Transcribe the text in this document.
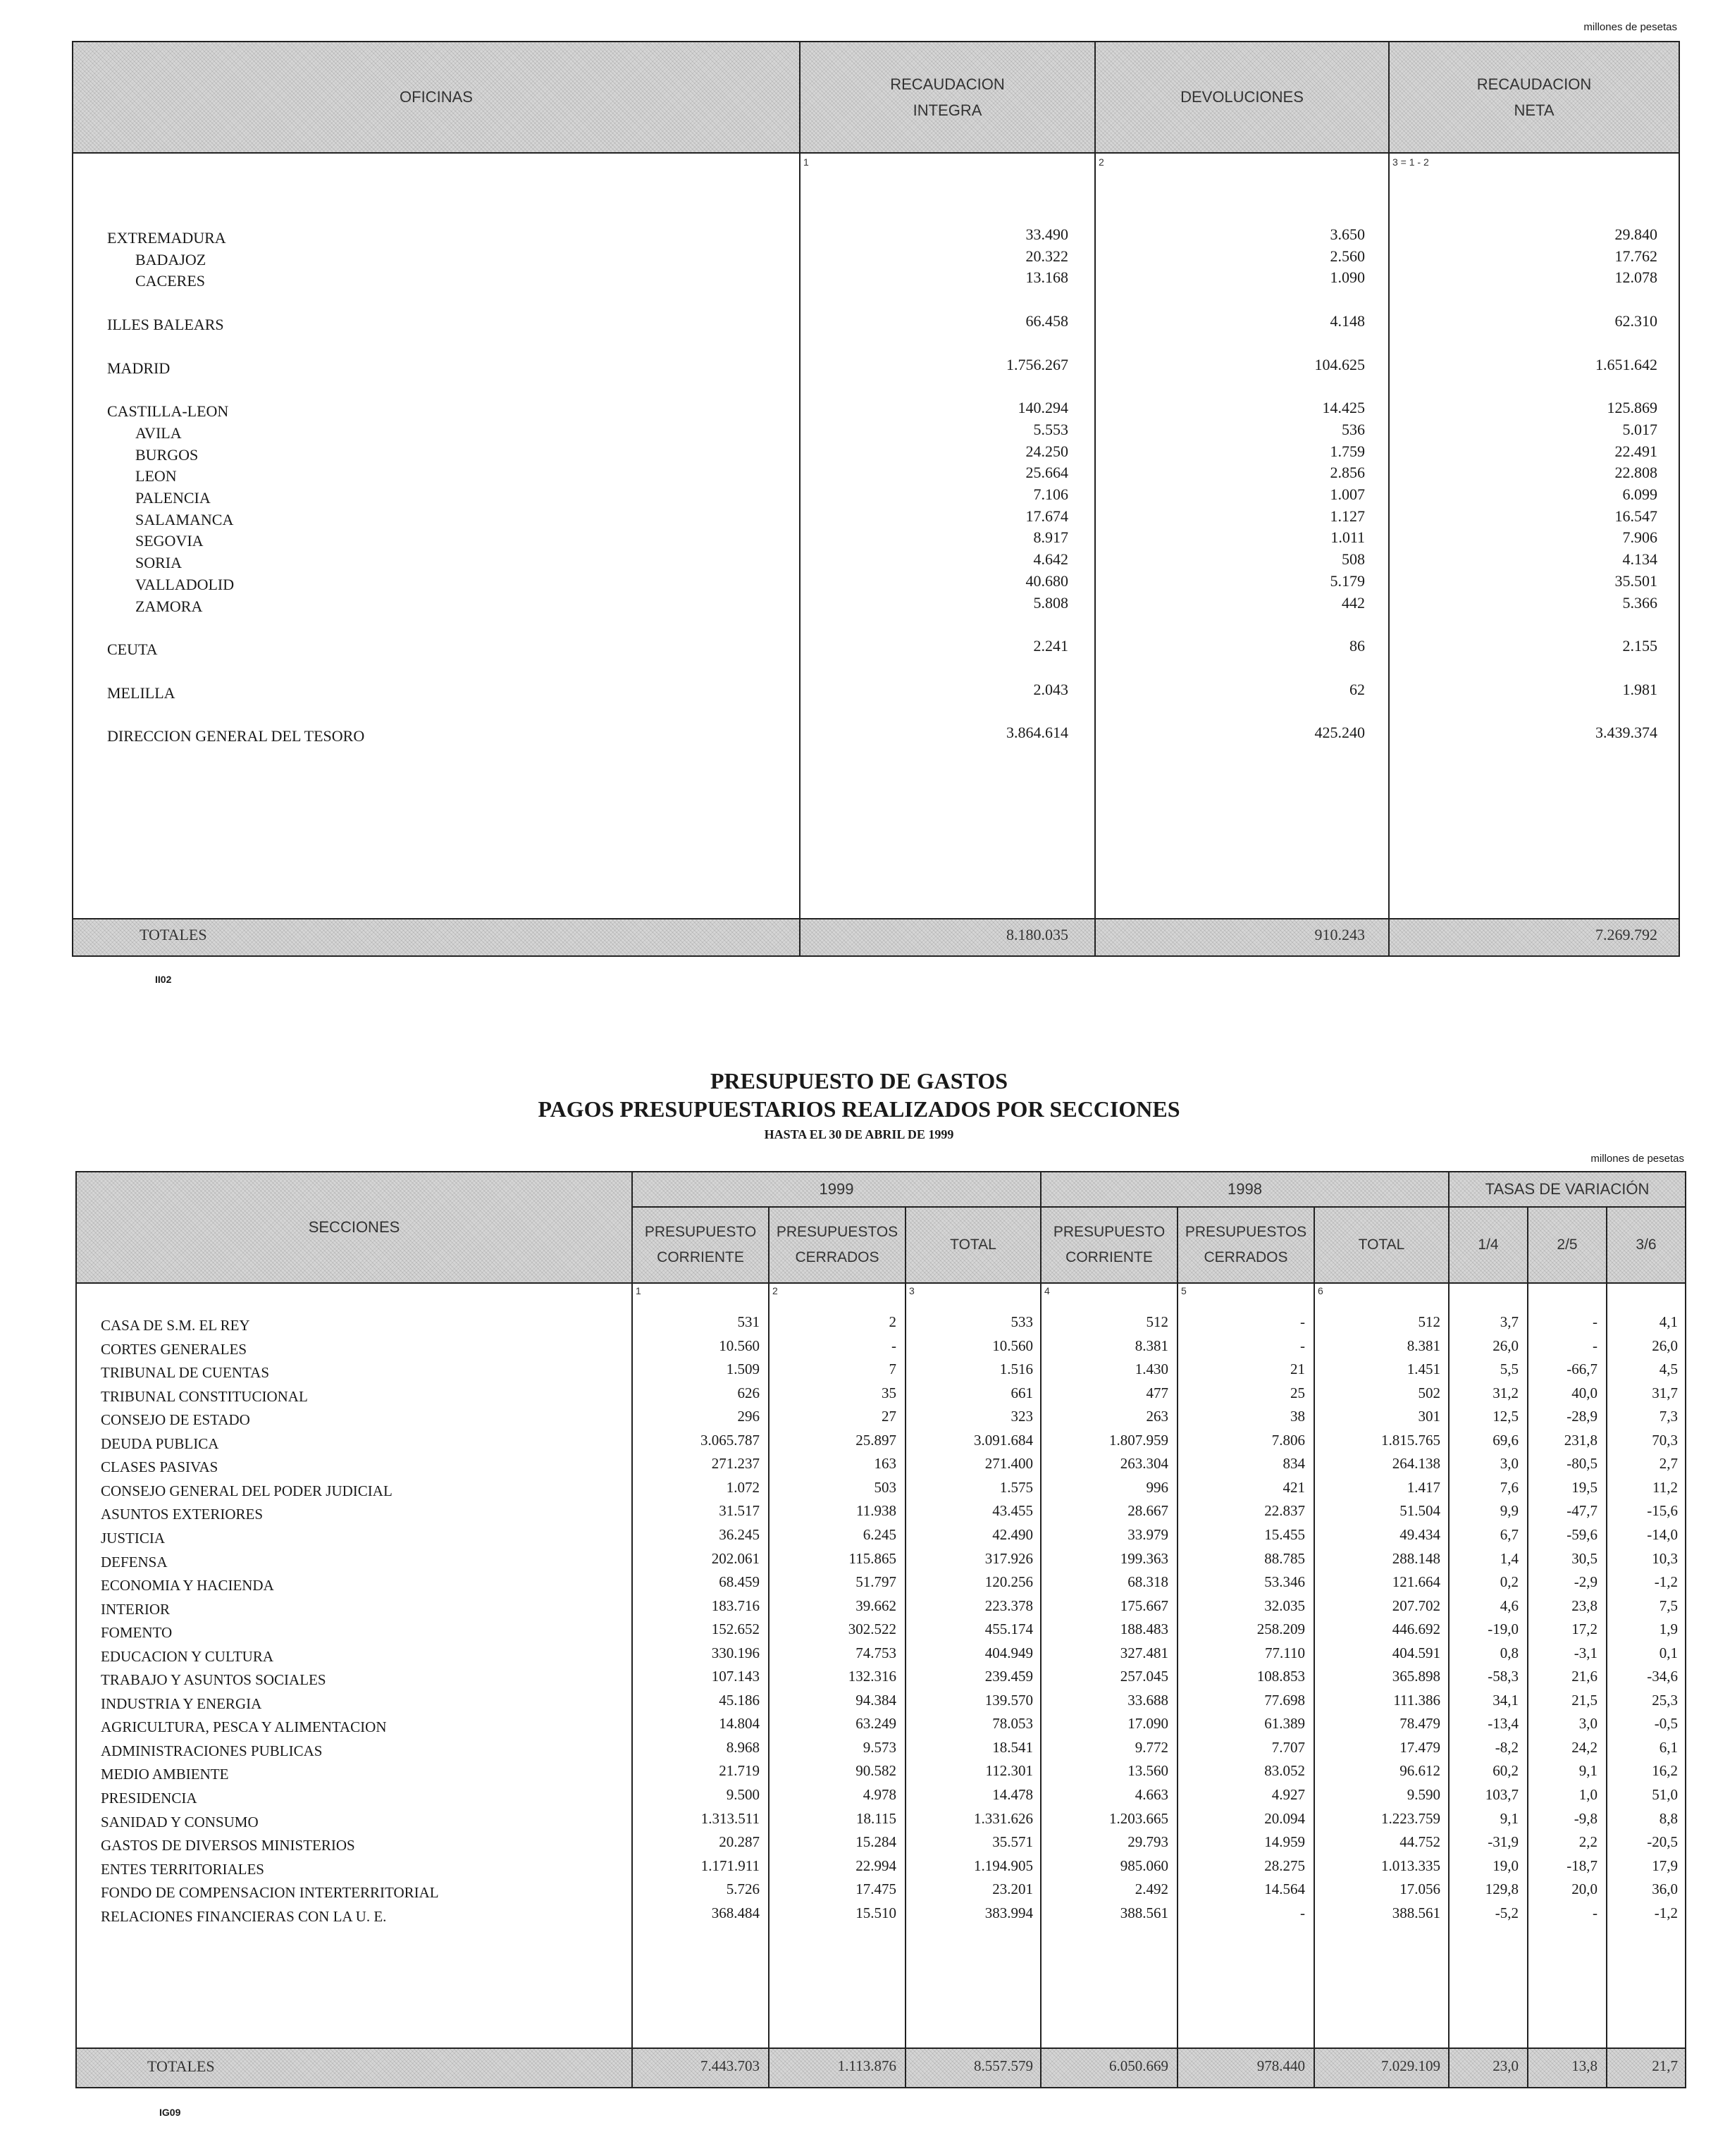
millones de pesetas
OFICINAS
RECAUDACION
INTEGRA
DEVOLUCIONES
RECAUDACION
NETA
1	2	3 = 1 - 2
EXTREMADURA	33.490	3.650	29.840
BADAJOZ	20.322	2.560	17.762
CACERES	13.168	1.090	12.078
ILLES BALEARS	66.458	4.148	62.310
MADRID	1.756.267	104.625	1.651.642
CASTILLA-LEON	140.294	14.425	125.869
AVILA	5.553	536	5.017
BURGOS	24.250	1.759	22.491
LEON	25.664	2.856	22.808
PALENCIA	7.106	1.007	6.099
SALAMANCA	17.674	1.127	16.547
SEGOVIA	8.917	1.011	7.906
SORIA	4.642	508	4.134
VALLADOLID	40.680	5.179	35.501
ZAMORA	5.808	442	5.366
CEUTA	2.241	86	2.155
MELILLA	2.043	62	1.981
DIRECCION GENERAL DEL TESORO	3.864.614	425.240	3.439.374
TOTALES	8.180.035	910.243	7.269.792
II02
PRESUPUESTO DE GASTOS
PAGOS PRESUPUESTARIOS REALIZADOS POR SECCIONES
HASTA EL 30 DE ABRIL DE 1999
millones de pesetas
SECCIONES
1999	1998	TASAS DE VARIACIÓN
PRESUPUESTO
CORRIENTE
PRESUPUESTOS
CERRADOS
TOTAL
PRESUPUESTO
CORRIENTE
PRESUPUESTOS
CERRADOS
TOTAL	1/4	2/5	3/6
1	2	3	4	5	6
CASA DE S.M. EL REY	531	2	533	512	-	512	3,7	-	4,1
CORTES GENERALES	10.560	-	10.560	8.381	-	8.381	26,0	-	26,0
TRIBUNAL DE CUENTAS	1.509	7	1.516	1.430	21	1.451	5,5	-66,7	4,5
TRIBUNAL CONSTITUCIONAL	626	35	661	477	25	502	31,2	40,0	31,7
CONSEJO DE ESTADO	296	27	323	263	38	301	12,5	-28,9	7,3
DEUDA PUBLICA	3.065.787	25.897	3.091.684	1.807.959	7.806	1.815.765	69,6	231,8	70,3
CLASES PASIVAS	271.237	163	271.400	263.304	834	264.138	3,0	-80,5	2,7
CONSEJO GENERAL DEL PODER JUDICIAL	1.072	503	1.575	996	421	1.417	7,6	19,5	11,2
ASUNTOS EXTERIORES	31.517	11.938	43.455	28.667	22.837	51.504	9,9	-47,7	-15,6
JUSTICIA	36.245	6.245	42.490	33.979	15.455	49.434	6,7	-59,6	-14,0
DEFENSA	202.061	115.865	317.926	199.363	88.785	288.148	1,4	30,5	10,3
ECONOMIA Y HACIENDA	68.459	51.797	120.256	68.318	53.346	121.664	0,2	-2,9	-1,2
INTERIOR	183.716	39.662	223.378	175.667	32.035	207.702	4,6	23,8	7,5
FOMENTO	152.652	302.522	455.174	188.483	258.209	446.692	-19,0	17,2	1,9
EDUCACION Y CULTURA	330.196	74.753	404.949	327.481	77.110	404.591	0,8	-3,1	0,1
TRABAJO Y ASUNTOS SOCIALES	107.143	132.316	239.459	257.045	108.853	365.898	-58,3	21,6	-34,6
INDUSTRIA Y ENERGIA	45.186	94.384	139.570	33.688	77.698	111.386	34,1	21,5	25,3
AGRICULTURA, PESCA Y ALIMENTACION	14.804	63.249	78.053	17.090	61.389	78.479	-13,4	3,0	-0,5
ADMINISTRACIONES PUBLICAS	8.968	9.573	18.541	9.772	7.707	17.479	-8,2	24,2	6,1
MEDIO AMBIENTE	21.719	90.582	112.301	13.560	83.052	96.612	60,2	9,1	16,2
PRESIDENCIA	9.500	4.978	14.478	4.663	4.927	9.590	103,7	1,0	51,0
SANIDAD Y CONSUMO	1.313.511	18.115	1.331.626	1.203.665	20.094	1.223.759	9,1	-9,8	8,8
GASTOS DE DIVERSOS MINISTERIOS	20.287	15.284	35.571	29.793	14.959	44.752	-31,9	2,2	-20,5
ENTES TERRITORIALES	1.171.911	22.994	1.194.905	985.060	28.275	1.013.335	19,0	-18,7	17,9
FONDO DE COMPENSACION INTERTERRITORIAL	5.726	17.475	23.201	2.492	14.564	17.056	129,8	20,0	36,0
RELACIONES FINANCIERAS CON LA U. E.	368.484	15.510	383.994	388.561	-	388.561	-5,2	-	-1,2
TOTALES	7.443.703	1.113.876	8.557.579	6.050.669	978.440	7.029.109	23,0	13,8	21,7
IG09
